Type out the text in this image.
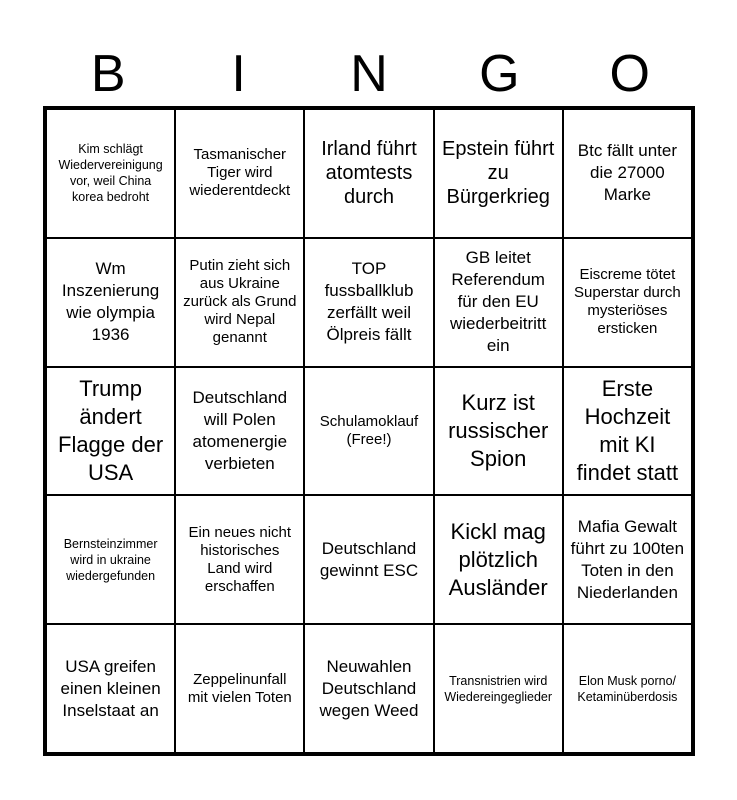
B	I	N	G	O
Kim schlägt Wiedervereinigung vor, weil China korea bedroht
Tasmanischer Tiger wird wiederentdeckt
Irland führt atomtests durch
Epstein führt zu Bürgerkrieg
Btc fällt unter die 27000 Marke
Wm Inszenierung wie olympia 1936
Putin zieht sich aus Ukraine zurück als Grund wird Nepal genannt
TOP fussballklub zerfällt weil Ölpreis fällt
GB leitet Referendum für den EU wiederbeitritt ein
Eiscreme tötet Superstar durch mysteriöses ersticken
Trump ändert Flagge der USA
Deutschland will Polen atomenergie verbieten
Schulamoklauf (Free!)
Kurz ist russischer Spion
Erste Hochzeit mit KI findet statt
Bernsteinzimmer wird in ukraine wiedergefunden
Ein neues nicht historisches Land wird erschaffen
Deutschland gewinnt ESC
Kickl mag plötzlich Ausländer
Mafia Gewalt führt zu 100ten Toten in den Niederlanden
USA greifen einen kleinen Inselstaat an
Zeppelinunfall mit vielen Toten
Neuwahlen Deutschland wegen Weed
Transnistrien wird Wiedereingeglieder
Elon Musk porno/ Ketaminüberdosis
